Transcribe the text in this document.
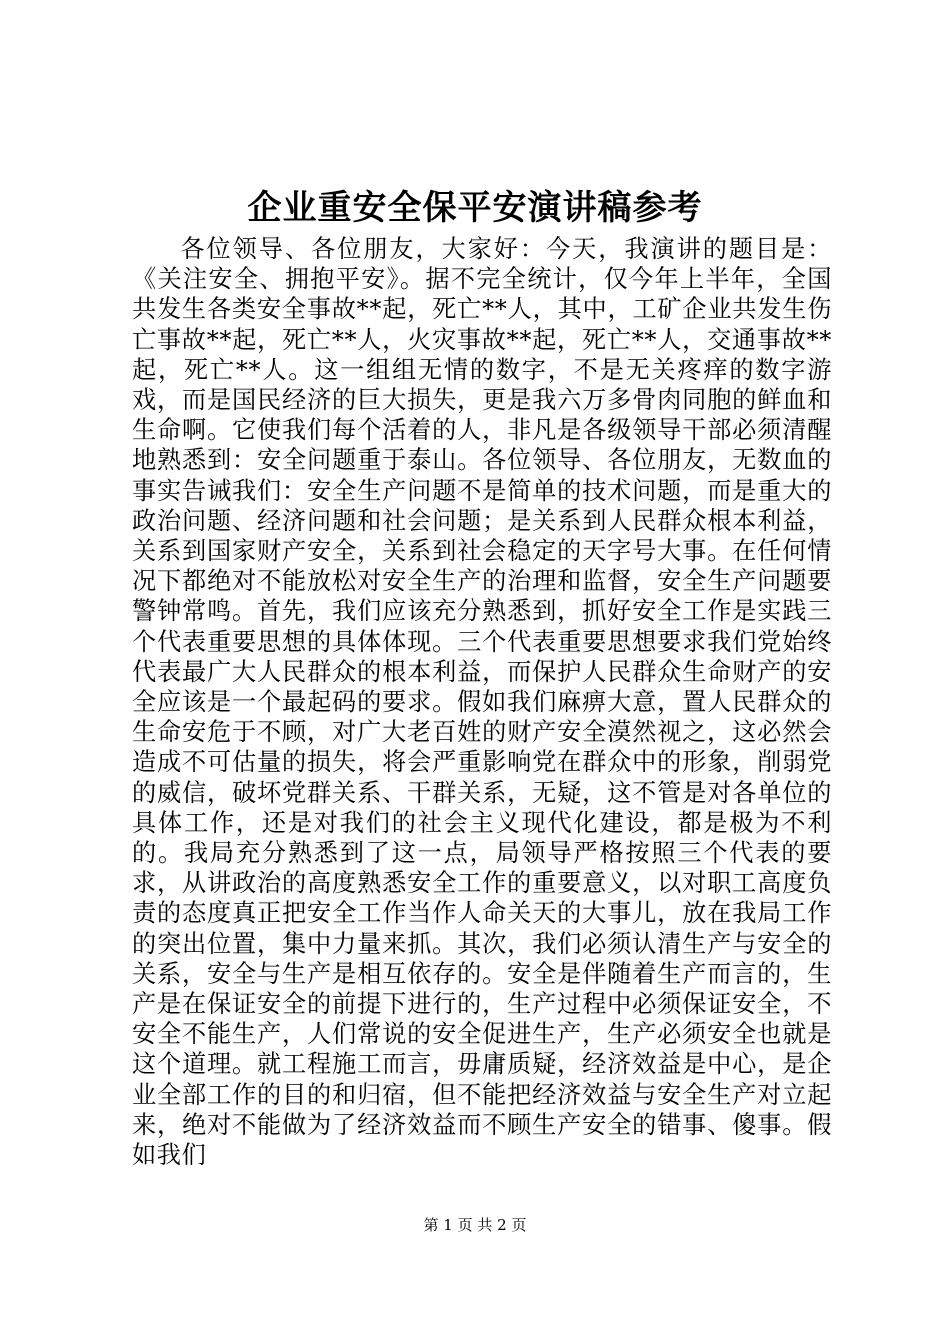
企业重安全保平安演讲稿参考
各位领导、各位朋友，大家好：今天，我演讲的题目是：《关注安全、拥抱平安》。据不完全统计，仅今年上半年，全国共发生各类安全事故**起，死亡**人，其中，工矿企业共发生伤亡事故**起，死亡**人，火灾事故**起，死亡**人，交通事故**起，死亡**人。这一组组无情的数字，不是无关疼痒的数字游戏，而是国民经济的巨大损失，更是我六万多骨肉同胞的鲜血和生命啊。它使我们每个活着的人，非凡是各级领导干部必须清醒地熟悉到：安全问题重于泰山。各位领导、各位朋友，无数血的事实告诫我们：安全生产问题不是简单的技术问题，而是重大的政治问题、经济问题和社会问题；是关系到人民群众根本利益，关系到国家财产安全，关系到社会稳定的天字号大事。在任何情况下都绝对不能放松对安全生产的治理和监督，安全生产问题要警钟常鸣。首先，我们应该充分熟悉到，抓好安全工作是实践三个代表重要思想的具体体现。三个代表重要思想要求我们党始终代表最广大人民群众的根本利益，而保护人民群众生命财产的安全应该是一个最起码的要求。假如我们麻痹大意，置人民群众的生命安危于不顾，对广大老百姓的财产安全漠然视之，这必然会造成不可估量的损失，将会严重影响党在群众中的形象，削弱党的威信，破坏党群关系、干群关系，无疑，这不管是对各单位的具体工作，还是对我们的社会主义现代化建设，都是极为不利的。我局充分熟悉到了这一点，局领导严格按照三个代表的要求，从讲政治的高度熟悉安全工作的重要意义，以对职工高度负责的态度真正把安全工作当作人命关天的大事儿，放在我局工作的突出位置，集中力量来抓。其次，我们必须认清生产与安全的关系，安全与生产是相互依存的。安全是伴随着生产而言的，生产是在保证安全的前提下进行的，生产过程中必须保证安全，不安全不能生产，人们常说的安全促进生产，生产必须安全也就是这个道理。就工程施工而言，毋庸质疑，经济效益是中心，是企业全部工作的目的和归宿，但不能把经济效益与安全生产对立起来，绝对不能做为了经济效益而不顾生产安全的错事、傻事。假如我们
第 1 页 共 2 页
